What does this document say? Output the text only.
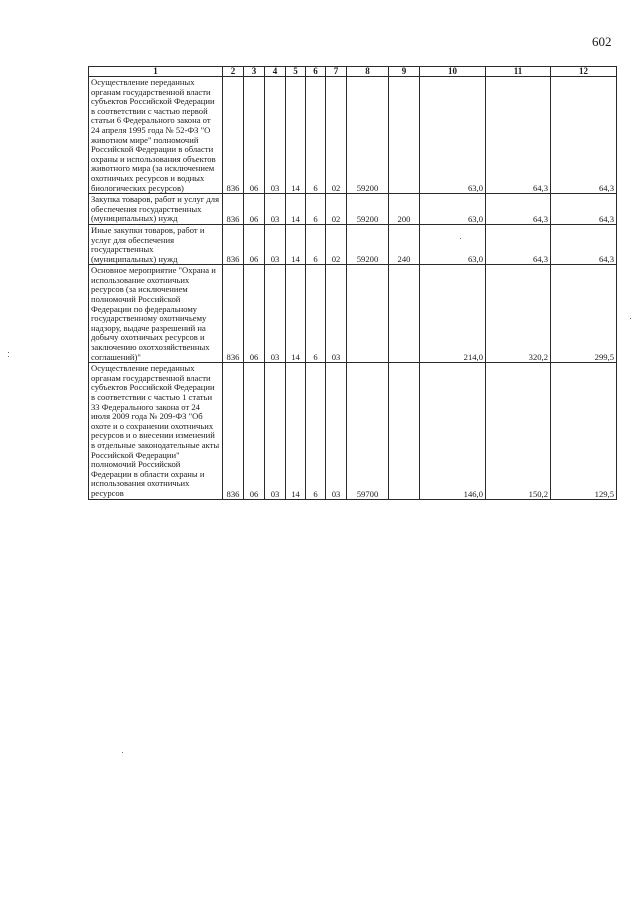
602
1	2	3	4	5	6	7	8	9	10	11	12
Осуществление переданных органам государственной власти субъектов Российской Федерации в соответствии с частью первой статьи 6 Федерального закона от 24 апреля 1995 года № 52-ФЗ "О животном мире" полномочий Российской Федерации в области охраны и использования объектов животного мира (за исключением охотничьих ресурсов и водных биологических ресурсов)	836	06	03	14	6	02	59200		63,0	64,3	64,3
Закупка товаров, работ и услуг для обеспечения государственных (муниципальных) нужд	836	06	03	14	6	02	59200	200	63,0	64,3	64,3
Иные закупки товаров, работ и услуг для обеспечения государственных (муниципальных) нужд	836	06	03	14	6	02	59200	240	63,0	64,3	64,3
Основное мероприятие "Охрана и использование охотничьих ресурсов (за исключением полномочий Российской Федерации по федеральному государственному охотничьему надзору, выдаче разрешений на добычу охотничьих ресурсов и заключению охотхозяйственных соглашений)"	836	06	03	14	6	03			214,0	320,2	299,5
Осуществление переданных органам государственной власти субъектов Российской Федерации в соответствии с частью 1 статьи 33 Федерального закона от 24 июля 2009 года № 209-ФЗ "Об охоте и о сохранении охотничьих ресурсов и о внесении изменений в отдельные законодательные акты Российской Федерации" полномочий Российской Федерации в области охраны и использования охотничьих ресурсов	836	06	03	14	6	03	59700		146,0	150,2	129,5
